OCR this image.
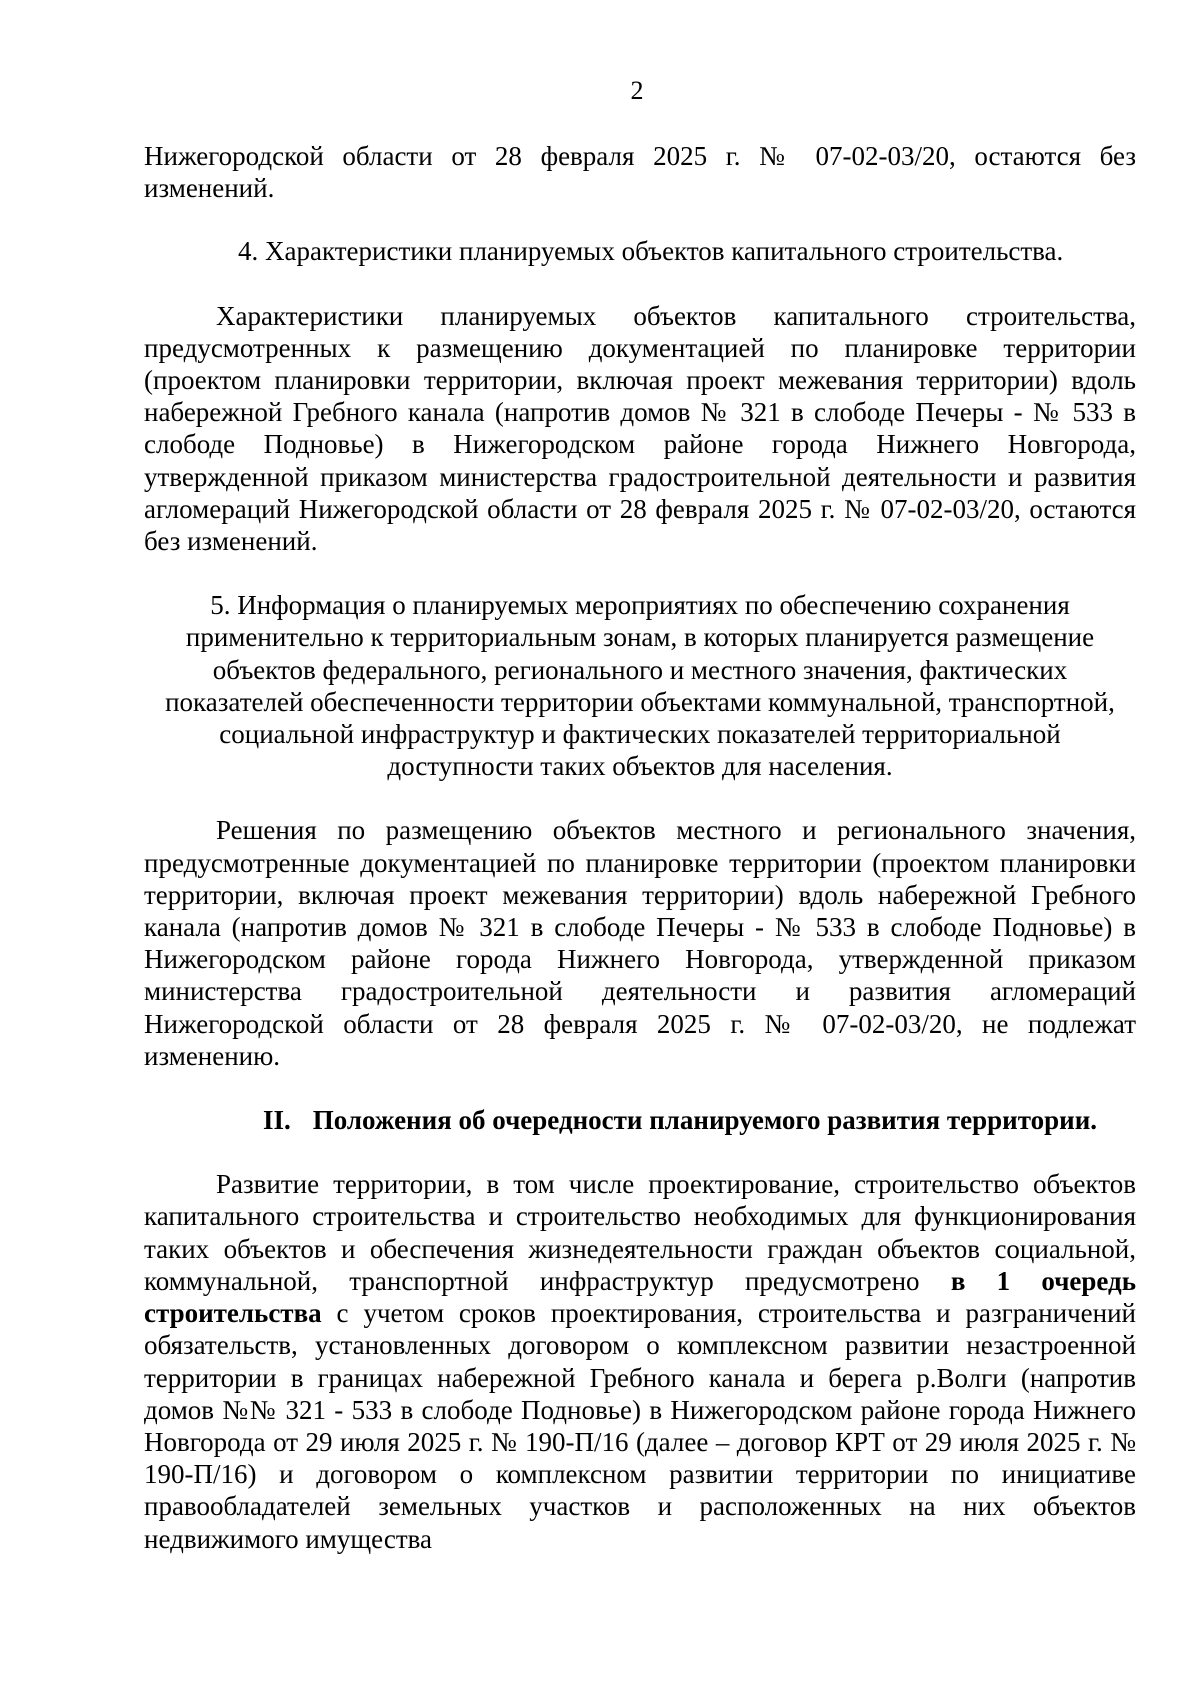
2

Нижегородской области от 28 февраля 2025 г. № 07-02-03/20, остаются без изменений.

4. Характеристики планируемых объектов капитального строительства.

Характеристики планируемых объектов капитального строительства, предусмотренных к размещению документацией по планировке территории (проектом планировки территории, включая проект межевания территории) вдоль набережной Гребного канала (напротив домов № 321 в слободе Печеры - № 533 в слободе Подновье) в Нижегородском районе города Нижнего Новгорода, утвержденной приказом министерства градостроительной деятельности и развития агломераций Нижегородской области от 28 февраля 2025 г. № 07-02-03/20, остаются без изменений.

5. Информация о планируемых мероприятиях по обеспечению сохранения применительно к территориальным зонам, в которых планируется размещение объектов федерального, регионального и местного значения, фактических показателей обеспеченности территории объектами коммунальной, транспортной, социальной инфраструктур и фактических показателей территориальной доступности таких объектов для населения.

Решения по размещению объектов местного и регионального значения, предусмотренные документацией по планировке территории (проектом планировки территории, включая проект межевания территории) вдоль набережной Гребного канала (напротив домов № 321 в слободе Печеры - № 533 в слободе Подновье) в Нижегородском районе города Нижнего Новгорода, утвержденной приказом министерства градостроительной деятельности и развития агломераций Нижегородской области от 28 февраля 2025 г. № 07-02-03/20, не подлежат изменению.

II. Положения об очередности планируемого развития территории.

Развитие территории, в том числе проектирование, строительство объектов капитального строительства и строительство необходимых для функционирования таких объектов и обеспечения жизнедеятельности граждан объектов социальной, коммунальной, транспортной инфраструктур предусмотрено в 1 очередь строительства с учетом сроков проектирования, строительства и разграничений обязательств, установленных договором о комплексном развитии незастроенной территории в границах набережной Гребного канала и берега р.Волги (напротив домов №№ 321 - 533 в слободе Подновье) в Нижегородском районе города Нижнего Новгорода от 29 июля 2025 г. № 190-П/16 (далее – договор КРТ от 29 июля 2025 г. № 190-П/16) и договором о комплексном развитии территории по инициативе правообладателей земельных участков и расположенных на них объектов недвижимого имущества
